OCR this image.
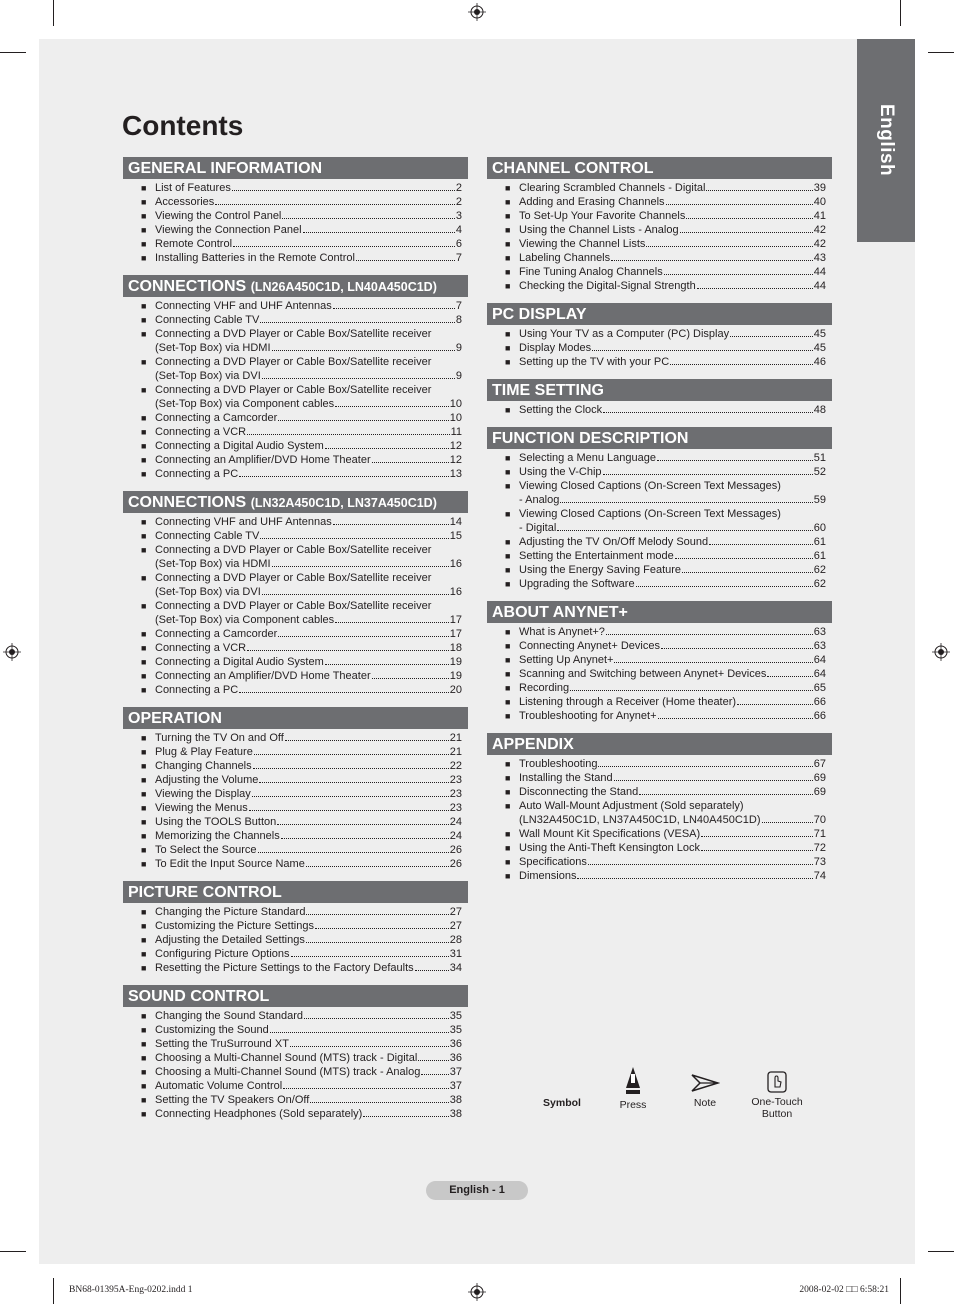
English
Contents
GENERAL INFORMATION
■ List of Features	2
■ Accessories	2
■ Viewing the Control Panel	3
■ Viewing the Connection Panel	4
■ Remote Control	6
■ Installing Batteries in the Remote Control	7
CONNECTIONS (LN26A450C1D, LN40A450C1D)
■ Connecting VHF and UHF Antennas	7
■ Connecting Cable TV	8
■ Connecting a DVD Player or Cable Box/Satellite receiver
(Set-Top Box) via HDMI	9
■ Connecting a DVD Player or Cable Box/Satellite receiver
(Set-Top Box) via DVI	9
■ Connecting a DVD Player or Cable Box/Satellite receiver
(Set-Top Box) via Component cables	10
■ Connecting a Camcorder	10
■ Connecting a VCR	11
■ Connecting a Digital Audio System	12
■ Connecting an Amplifier/DVD Home Theater	12
■ Connecting a PC	13
CONNECTIONS (LN32A450C1D, LN37A450C1D)
■ Connecting VHF and UHF Antennas	14
■ Connecting Cable TV	15
■ Connecting a DVD Player or Cable Box/Satellite receiver
(Set-Top Box) via HDMI	16
■ Connecting a DVD Player or Cable Box/Satellite receiver
(Set-Top Box) via DVI	16
■ Connecting a DVD Player or Cable Box/Satellite receiver
(Set-Top Box) via Component cables	17
■ Connecting a Camcorder	17
■ Connecting a VCR	18
■ Connecting a Digital Audio System	19
■ Connecting an Amplifier/DVD Home Theater	19
■ Connecting a PC	20
OPERATION
■ Turning the TV On and Off	21
■ Plug & Play Feature	21
■ Changing Channels	22
■ Adjusting the Volume	23
■ Viewing the Display	23
■ Viewing the Menus	23
■ Using the TOOLS Button	24
■ Memorizing the Channels	24
■ To Select the Source	26
■ To Edit the Input Source Name	26
PICTURE CONTROL
■ Changing the Picture Standard	27
■ Customizing the Picture Settings	27
■ Adjusting the Detailed Settings	28
■ Configuring Picture Options	31
■ Resetting the Picture Settings to the Factory Defaults	34
SOUND CONTROL
■ Changing the Sound Standard	35
■ Customizing the Sound	35
■ Setting the TruSurround XT	36
■ Choosing a Multi-Channel Sound (MTS) track - Digital	36
■ Choosing a Multi-Channel Sound (MTS) track - Analog	37
■ Automatic Volume Control	37
■ Setting the TV Speakers On/Off	38
■ Connecting Headphones (Sold separately)	38
CHANNEL CONTROL
■ Clearing Scrambled Channels - Digital	39
■ Adding and Erasing Channels	40
■ To Set-Up Your Favorite Channels	41
■ Using the Channel Lists - Analog	42
■ Viewing the Channel Lists	42
■ Labeling Channels	43
■ Fine Tuning Analog Channels	44
■ Checking the Digital-Signal Strength	44
PC DISPLAY
■ Using Your TV as a Computer (PC) Display	45
■ Display Modes	45
■ Setting up the TV with your PC	46
TIME SETTING
■ Setting the Clock	48
FUNCTION DESCRIPTION
■ Selecting a Menu Language	51
■ Using the V-Chip	52
■ Viewing Closed Captions (On-Screen Text Messages)
- Analog	59
■ Viewing Closed Captions (On-Screen Text Messages)
- Digital	60
■ Adjusting the TV On/Off Melody Sound	61
■ Setting the Entertainment mode	61
■ Using the Energy Saving Feature	62
■ Upgrading the Software	62
ABOUT ANYNET+
■ What is Anynet+?	63
■ Connecting Anynet+ Devices	63
■ Setting Up Anynet+	64
■ Scanning and Switching between Anynet+ Devices	64
■ Recording	65
■ Listening through a Receiver (Home theater)	66
■ Troubleshooting for Anynet+	66
APPENDIX
■ Troubleshooting	67
■ Installing the Stand	69
■ Disconnecting the Stand	69
■ Auto Wall-Mount Adjustment (Sold separately)
(LN32A450C1D, LN37A450C1D, LN40A450C1D)	70
■ Wall Mount Kit Specifications (VESA)	71
■ Using the Anti-Theft Kensington Lock	72
■ Specifications	73
■ Dimensions	74
Symbol	Press	Note	One-Touch
Button
English - 1
BN68-01395A-Eng-0202.indd 1	2008-02-02 □□ 6:58:21
